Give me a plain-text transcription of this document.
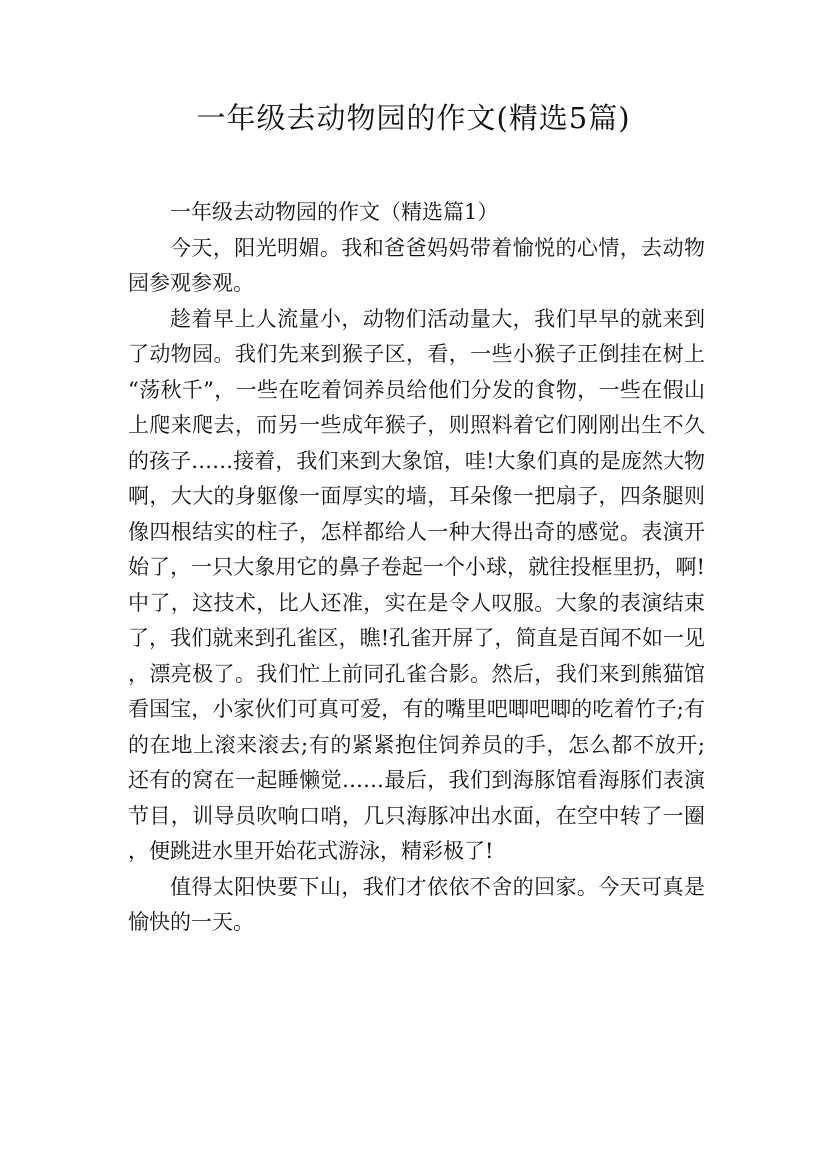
一年级去动物园的作文(精选5篇)

一年级去动物园的作文（精选篇1）

今天，阳光明媚。我和爸爸妈妈带着愉悦的心情，去动物园参观参观。

趁着早上人流量小，动物们活动量大，我们早早的就来到了动物园。我们先来到猴子区，看，一些小猴子正倒挂在树上“荡秋千”，一些在吃着饲养员给他们分发的食物，一些在假山上爬来爬去，而另一些成年猴子，则照料着它们刚刚出生不久的孩子……接着，我们来到大象馆，哇!大象们真的是庞然大物啊，大大的身躯像一面厚实的墙，耳朵像一把扇子，四条腿则像四根结实的柱子，怎样都给人一种大得出奇的感觉。表演开始了，一只大象用它的鼻子卷起一个小球，就往投框里扔，啊!中了，这技术，比人还准，实在是令人叹服。大象的表演结束了，我们就来到孔雀区，瞧!孔雀开屏了，简直是百闻不如一见，漂亮极了。我们忙上前同孔雀合影。然后，我们来到熊猫馆看国宝，小家伙们可真可爱，有的嘴里吧唧吧唧的吃着竹子;有的在地上滚来滚去;有的紧紧抱住饲养员的手，怎么都不放开;还有的窝在一起睡懒觉……最后，我们到海豚馆看海豚们表演节目，训导员吹响口哨，几只海豚冲出水面，在空中转了一圈，便跳进水里开始花式游泳，精彩极了!

值得太阳快要下山，我们才依依不舍的回家。今天可真是愉快的一天。
